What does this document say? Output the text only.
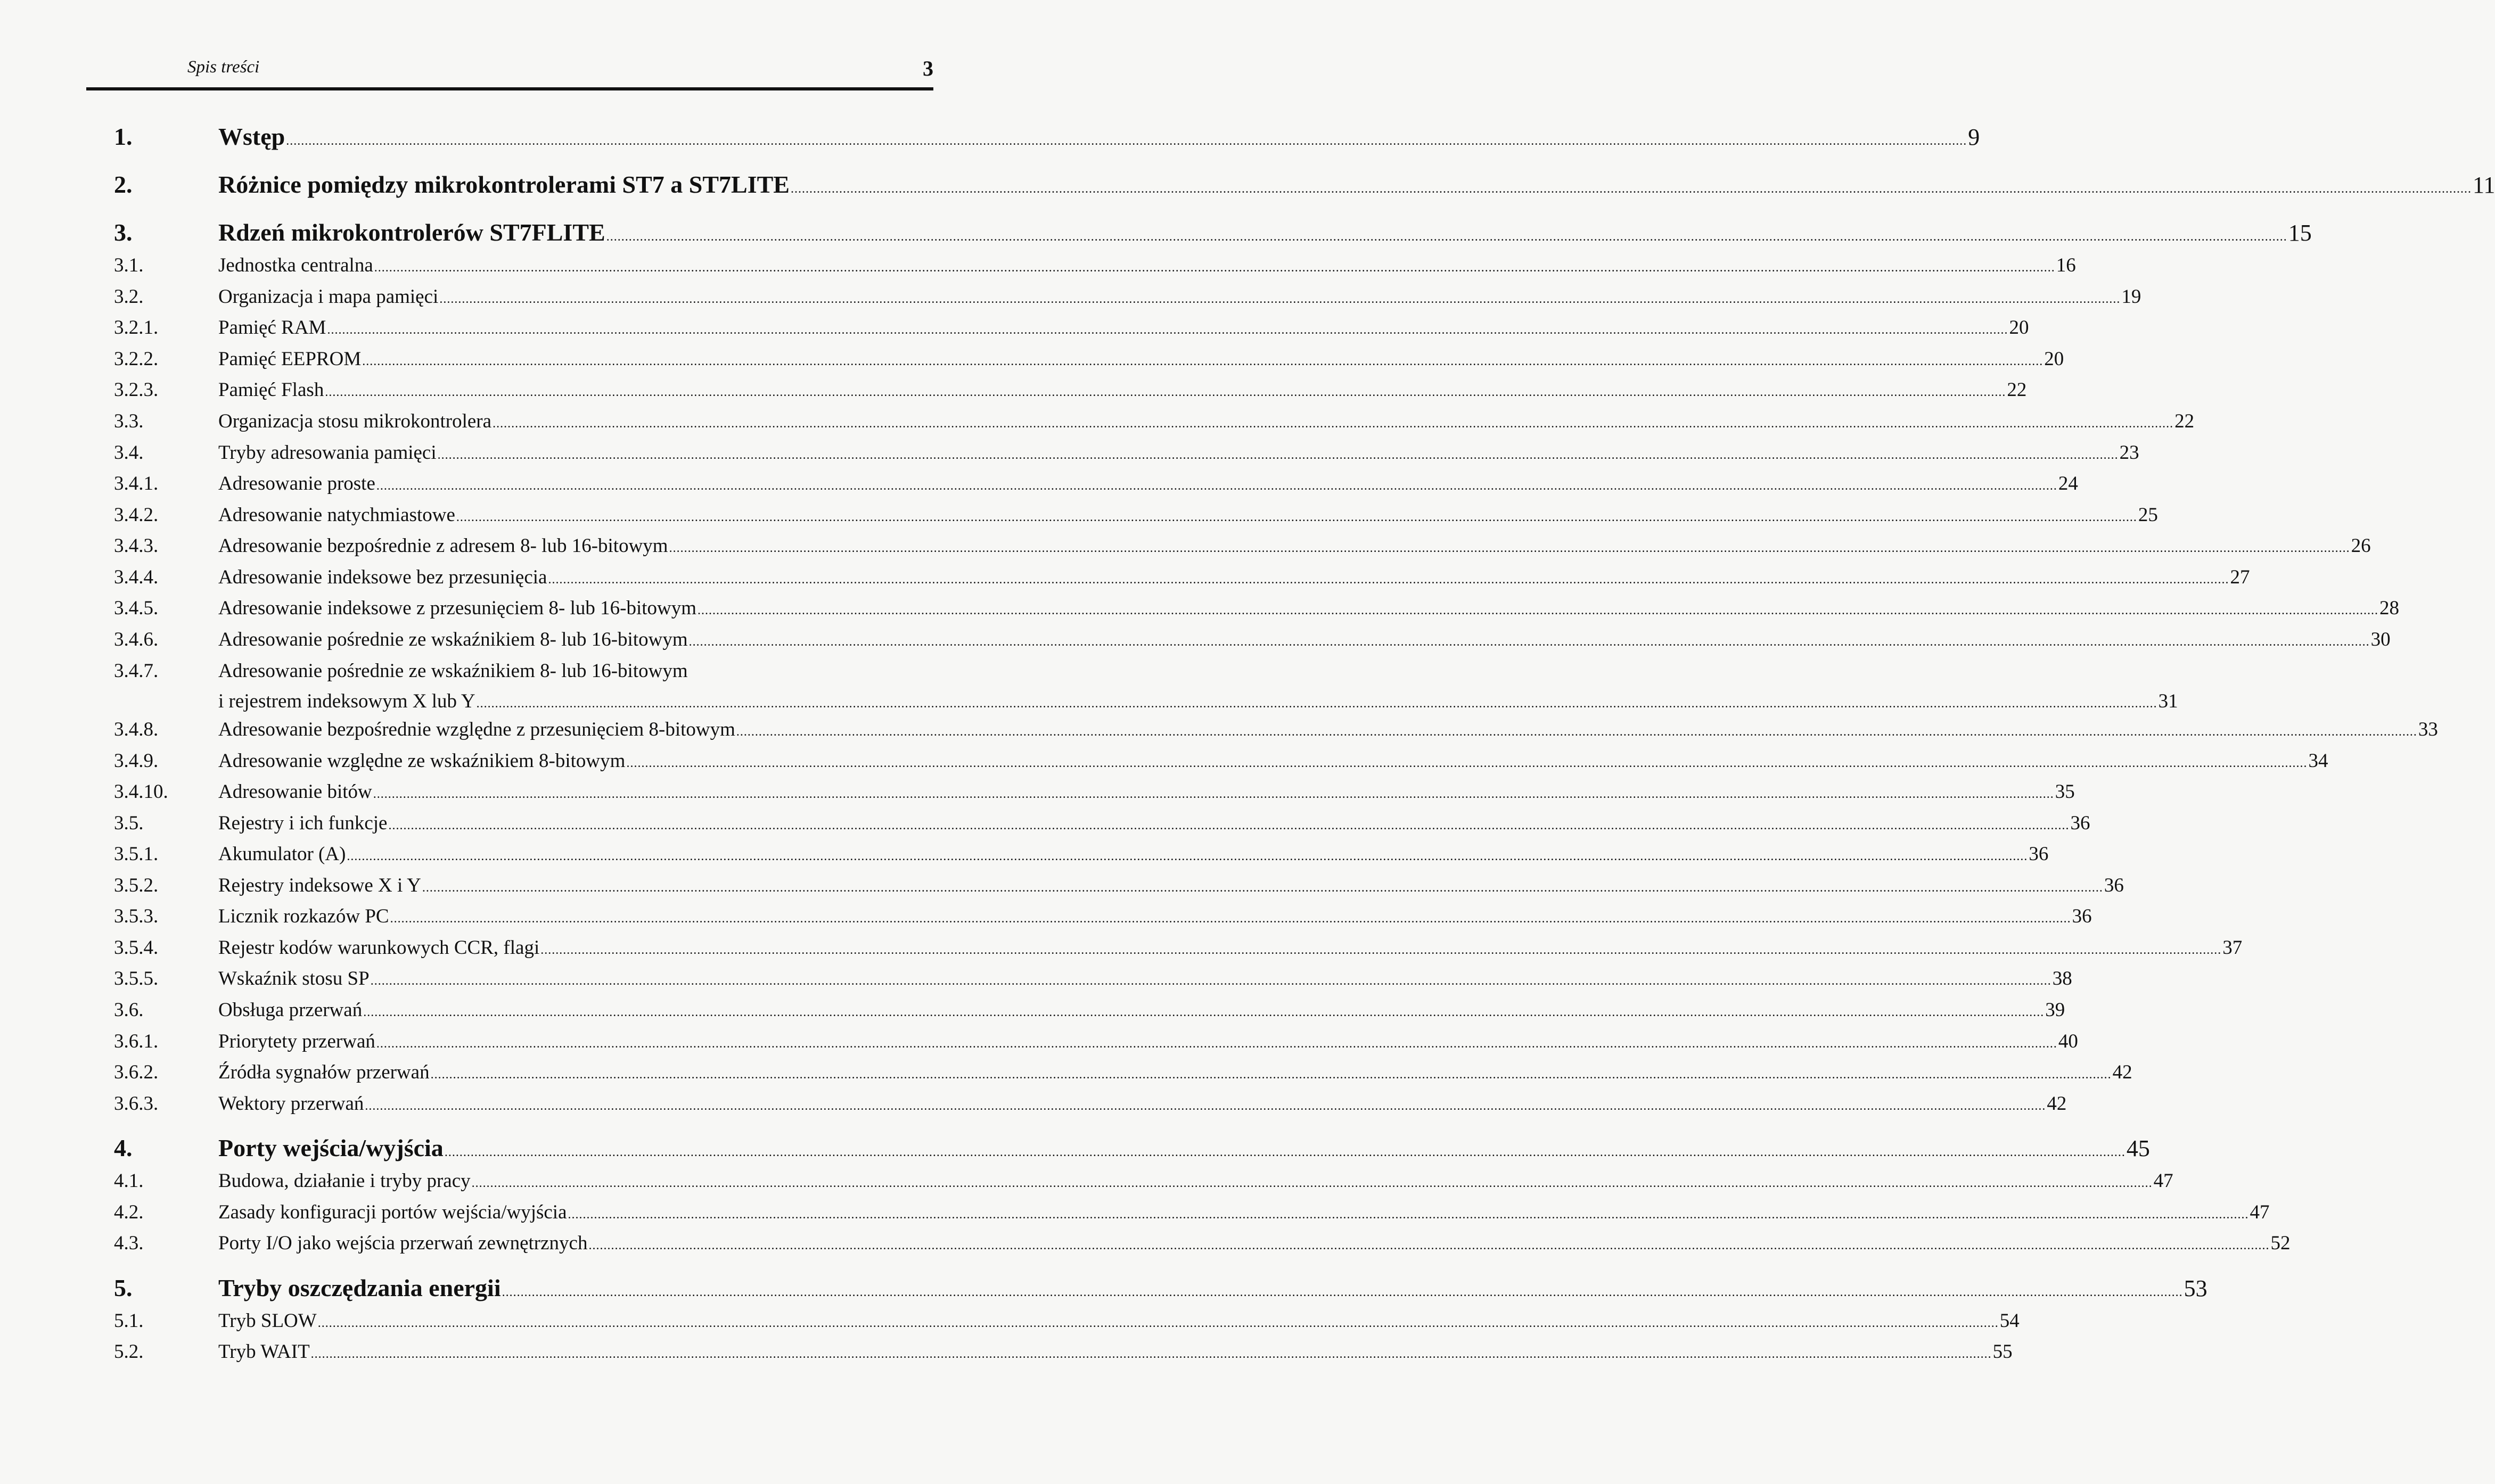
Spis treści	3
1.	Wstęp .....	9
2.	Różnice pomiędzy mikrokontrolerami ST7 a ST7LITE .....	11
3.	Rdzeń mikrokontrolerów ST7FLITE .....	15
3.1.	Jednostka centralna .....	16
3.2.	Organizacja i mapa pamięci .....	19
3.2.1.	Pamięć RAM .....	20
3.2.2.	Pamięć EEPROM .....	20
3.2.3.	Pamięć Flash .....	22
3.3.	Organizacja stosu mikrokontrolera .....	22
3.4.	Tryby adresowania pamięci .....	23
3.4.1.	Adresowanie proste .....	24
3.4.2.	Adresowanie natychmiastowe .....	25
3.4.3.	Adresowanie bezpośrednie z adresem 8- lub 16-bitowym .....	26
3.4.4.	Adresowanie indeksowe bez przesunięcia .....	27
3.4.5.	Adresowanie indeksowe z przesunięciem 8- lub 16-bitowym .....	28
3.4.6.	Adresowanie pośrednie ze wskaźnikiem 8- lub 16-bitowym .....	30
3.4.7.	Adresowanie pośrednie ze wskaźnikiem 8- lub 16-bitowym
i rejestrem indeksowym X lub Y .....	31
3.4.8.	Adresowanie bezpośrednie względne z przesunięciem 8-bitowym .....	33
3.4.9.	Adresowanie względne ze wskaźnikiem 8-bitowym .....	34
3.4.10.	Adresowanie bitów .....	35
3.5.	Rejestry i ich funkcje .....	36
3.5.1.	Akumulator (A) .....	36
3.5.2.	Rejestry indeksowe X i Y .....	36
3.5.3.	Licznik rozkazów PC .....	36
3.5.4.	Rejestr kodów warunkowych CCR, flagi .....	37
3.5.5.	Wskaźnik stosu SP .....	38
3.6.	Obsługa przerwań .....	39
3.6.1.	Priorytety przerwań .....	40
3.6.2.	Źródła sygnałów przerwań .....	42
3.6.3.	Wektory przerwań .....	42
4.	Porty wejścia/wyjścia .....	45
4.1.	Budowa, działanie i tryby pracy .....	47
4.2.	Zasady konfiguracji portów wejścia/wyjścia .....	47
4.3.	Porty I/O jako wejścia przerwań zewnętrznych .....	52
5.	Tryby oszczędzania energii .....	53
5.1.	Tryb SLOW .....	54
5.2.	Tryb WAIT .....	55
